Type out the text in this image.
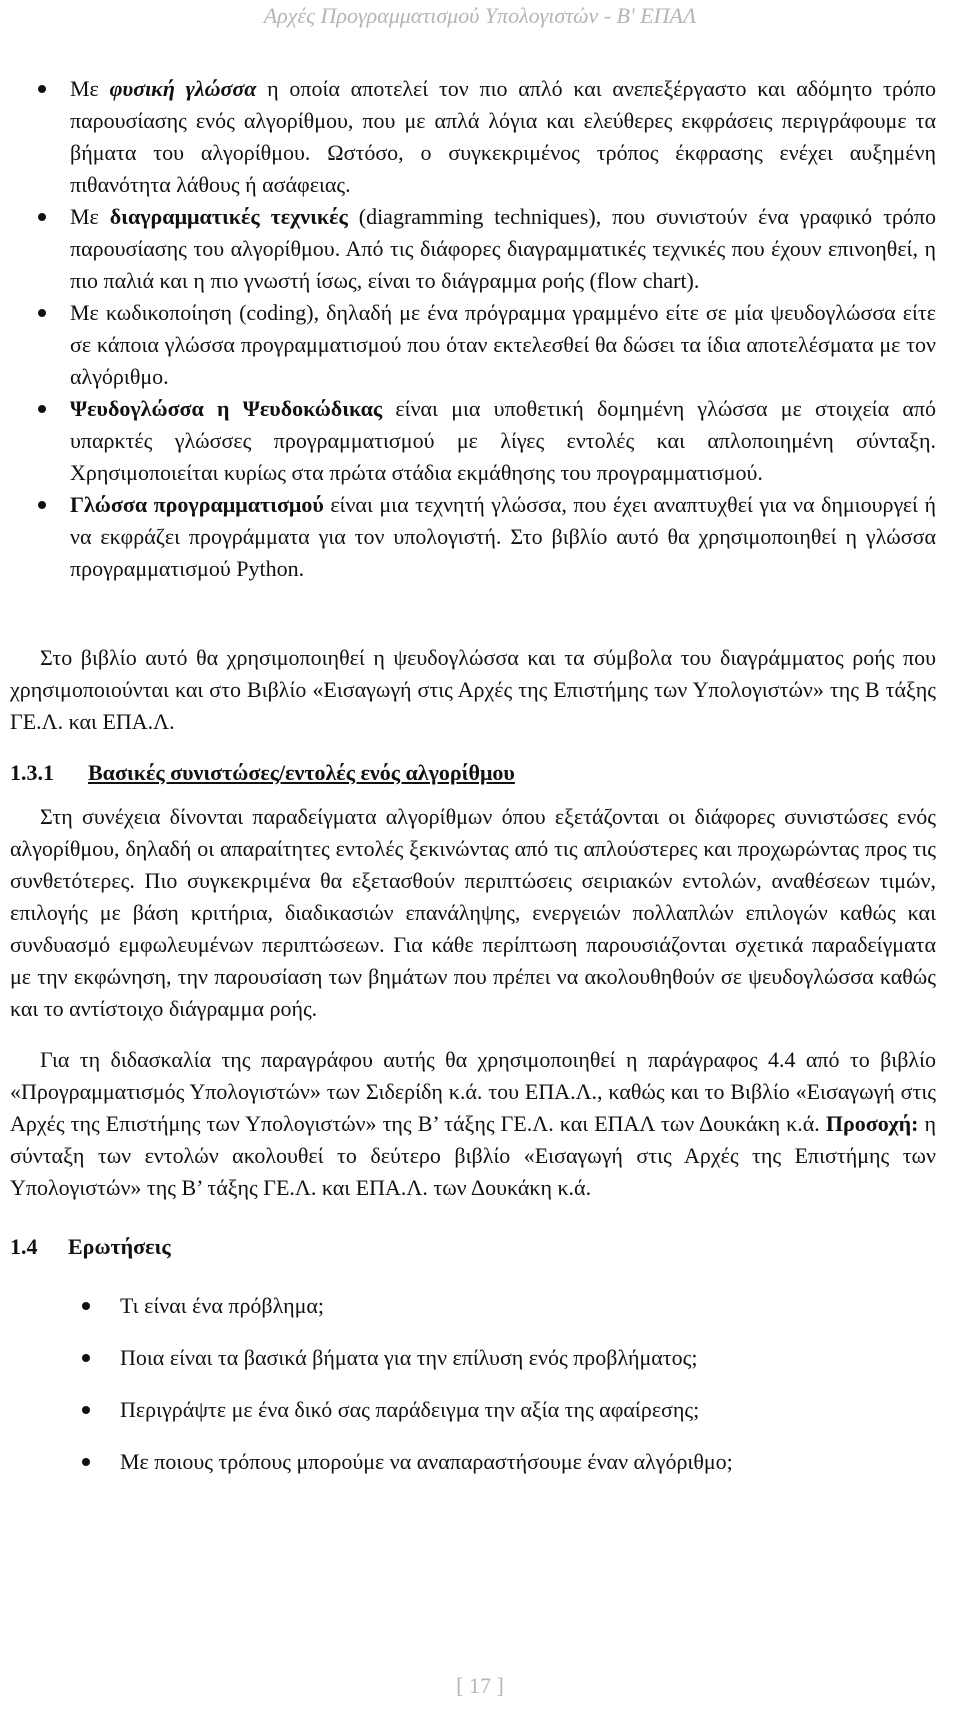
Αρχές Προγραμματισμού Υπολογιστών - Β' ΕΠΑΛ
Με φυσική γλώσσα η οποία αποτελεί τον πιο απλό και ανεπεξέργαστο και αδόμητο τρόπο παρουσίασης ενός αλγορίθμου, που με απλά λόγια και ελεύθερες εκφράσεις περιγράφουμε τα βήματα του αλγορίθμου. Ωστόσο, ο συγκεκριμένος τρόπος έκφρασης ενέχει αυξημένη πιθανότητα λάθους ή ασάφειας.
Με διαγραμματικές τεχνικές (diagramming techniques), που συνιστούν ένα γραφικό τρόπο παρουσίασης του αλγορίθμου. Από τις διάφορες διαγραμματικές τεχνικές που έχουν επινοηθεί, η πιο παλιά και η πιο γνωστή ίσως, είναι το διάγραμμα ροής (flow chart).
Με κωδικοποίηση (coding), δηλαδή με ένα πρόγραμμα γραμμένο είτε σε μία ψευδογλώσσα είτε σε κάποια γλώσσα προγραμματισμού που όταν εκτελεσθεί θα δώσει τα ίδια αποτελέσματα με τον αλγόριθμο.
Ψευδογλώσσα η Ψευδοκώδικας είναι μια υποθετική δομημένη γλώσσα με στοιχεία από υπαρκτές γλώσσες προγραμματισμού με λίγες εντολές και απλοποιημένη σύνταξη. Χρησιμοποιείται κυρίως στα πρώτα στάδια εκμάθησης του προγραμματισμού.
Γλώσσα προγραμματισμού είναι μια τεχνητή γλώσσα, που έχει αναπτυχθεί για να δημιουργεί ή να εκφράζει προγράμματα για τον υπολογιστή. Στο βιβλίο αυτό θα χρησιμοποιηθεί η γλώσσα προγραμματισμού Python.

Στο βιβλίο αυτό θα χρησιμοποιηθεί η ψευδογλώσσα και τα σύμβολα του διαγράμματος ροής που χρησιμοποιούνται και στο Βιβλίο «Εισαγωγή στις Αρχές της Επιστήμης των Υπολογιστών» της Β τάξης ΓΕ.Λ. και ΕΠΑ.Λ.

1.3.1 Βασικές συνιστώσες/εντολές ενός αλγορίθμου

Στη συνέχεια δίνονται παραδείγματα αλγορίθμων όπου εξετάζονται οι διάφορες συνιστώσες ενός αλγορίθμου, δηλαδή οι απαραίτητες εντολές ξεκινώντας από τις απλούστερες και προχωρώντας προς τις συνθετότερες. Πιο συγκεκριμένα θα εξετασθούν περιπτώσεις σειριακών εντολών, αναθέσεων τιμών, επιλογής με βάση κριτήρια, διαδικασιών επανάληψης, ενεργειών πολλαπλών επιλογών καθώς και συνδυασμό εμφωλευμένων περιπτώσεων. Για κάθε περίπτωση παρουσιάζονται σχετικά παραδείγματα με την εκφώνηση, την παρουσίαση των βημάτων που πρέπει να ακολουθηθούν σε ψευδογλώσσα καθώς και το αντίστοιχο διάγραμμα ροής.

Για τη διδασκαλία της παραγράφου αυτής θα χρησιμοποιηθεί η παράγραφος 4.4 από το βιβλίο «Προγραμματισμός Υπολογιστών» των Σιδερίδη κ.ά. του ΕΠΑ.Λ., καθώς και το Βιβλίο «Εισαγωγή στις Αρχές της Επιστήμης των Υπολογιστών» της Β’ τάξης ΓΕ.Λ. και ΕΠΑΛ των Δουκάκη κ.ά. Προσοχή: η σύνταξη των εντολών ακολουθεί το δεύτερο βιβλίο «Εισαγωγή στις Αρχές της Επιστήμης των Υπολογιστών» της Β’ τάξης ΓΕ.Λ. και ΕΠΑ.Λ. των Δουκάκη κ.ά.

1.4 Ερωτήσεις
Τι είναι ένα πρόβλημα;
Ποια είναι τα βασικά βήματα για την επίλυση ενός προβλήματος;
Περιγράψτε με ένα δικό σας παράδειγμα την αξία της αφαίρεσης;
Με ποιους τρόπους μπορούμε να αναπαραστήσουμε έναν αλγόριθμο;
[ 17 ]
